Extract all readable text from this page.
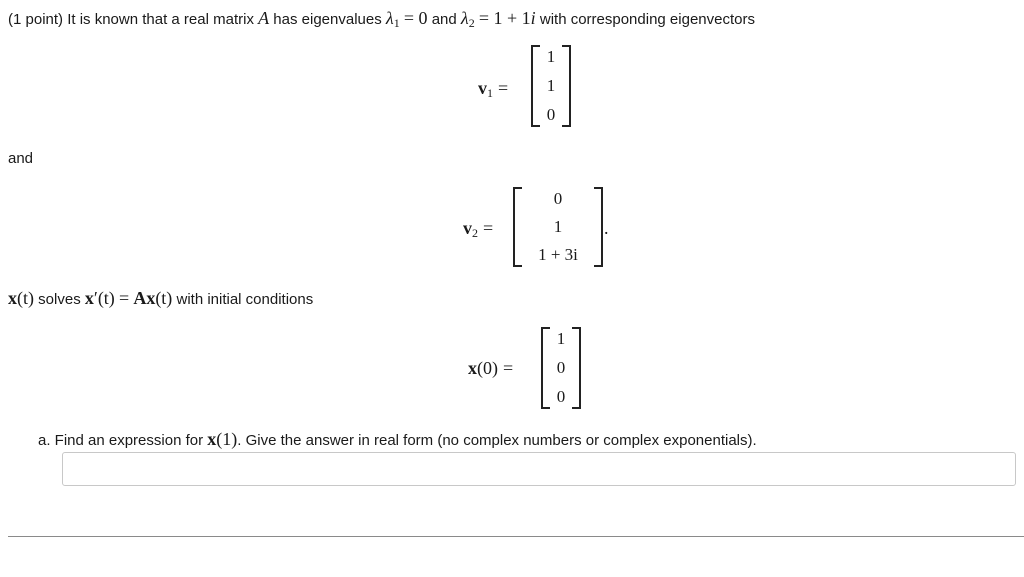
(1 point) It is known that a real matrix A has eigenvalues $\lambda_1 = 0$ and $\lambda_2 = 1 + 1i$ with corresponding eigenvectors
$v_1$ =
1
1
0
and
$v_2$ =
0
1
1 + 3i
.
x(t) solves x′(t) = Ax(t) with initial conditions
x(0) =
1
0
0
a. Find an expression for x(1). Give the answer in real form (no complex numbers or complex exponentials).
